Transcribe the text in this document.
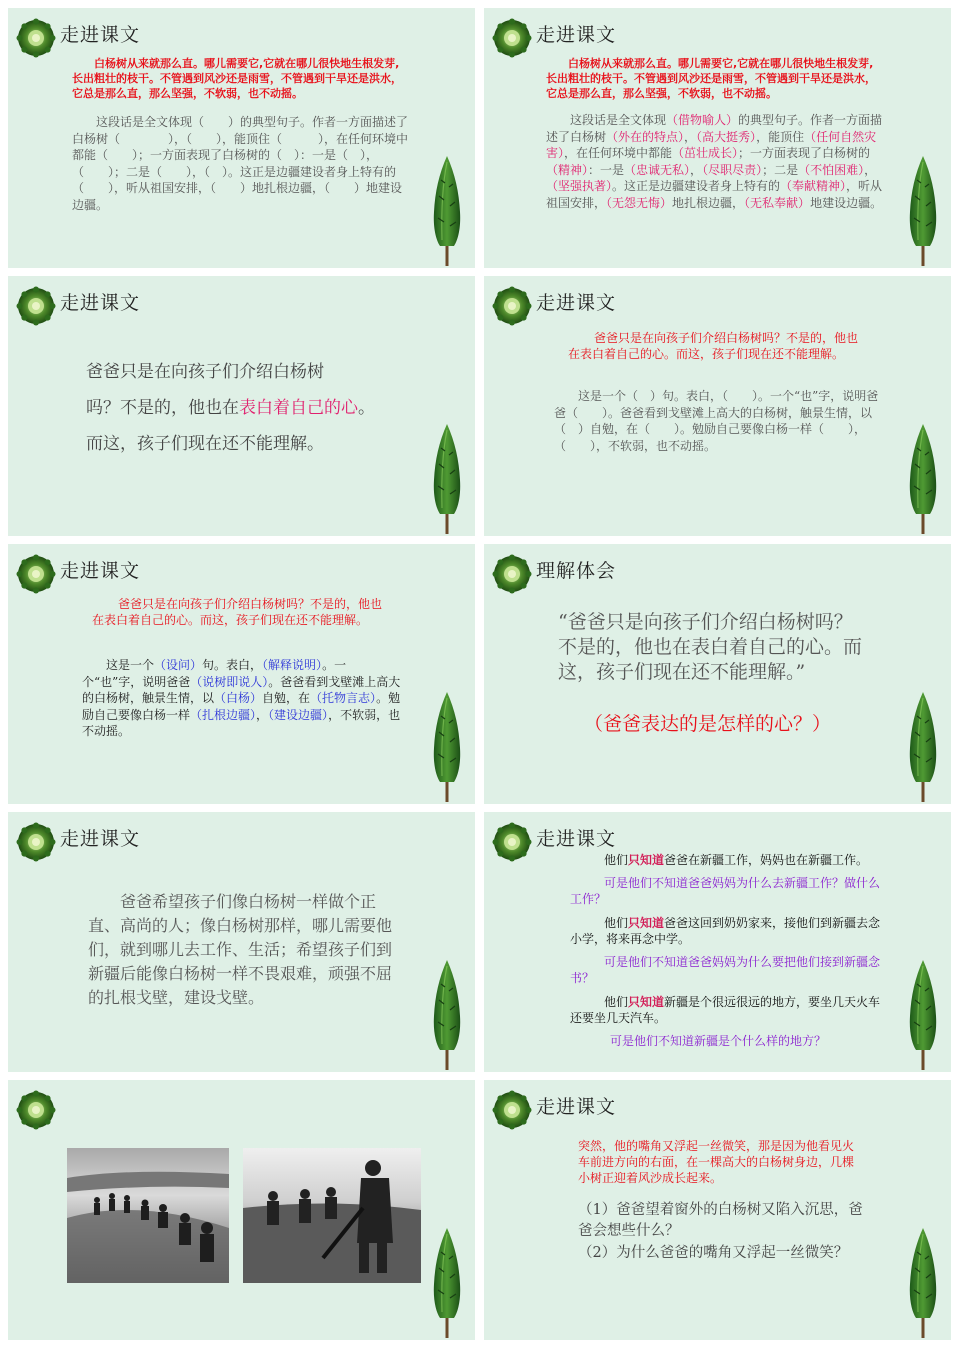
走进课文
白杨树从来就那么直。哪儿需要它,它就在哪儿很快地生根发芽,长出粗壮的枝干。不管遇到风沙还是雨雪，不管遇到干旱还是洪水，它总是那么直，那么坚强，不软弱，也不动摇。
这段话是全文体现（　　）的典型句子。作者一方面描述了白杨树（　　　　），（　　），能顶住（　　　），在任何环境中都能（　　）；一方面表现了白杨树的（　）：一是（　），（　　）；二是（　　），（　）。这正是边疆建设者身上特有的（　　），听从祖国安排，（　　）地扎根边疆，（　　）地建设边疆。
走进课文
白杨树从来就那么直。哪儿需要它,它就在哪儿很快地生根发芽,长出粗壮的枝干。不管遇到风沙还是雨雪，不管遇到干旱还是洪水，它总是那么直，那么坚强，不软弱，也不动摇。
这段话是全文体现（借物喻人）的典型句子。作者一方面描述了白杨树（外在的特点），（高大挺秀），能顶住（任何自然灾害），在任何环境中都能（茁壮成长）；一方面表现了白杨树的（精神）：一是（忠诚无私），（尽职尽责）；二是（不怕困难），（坚强执著）。这正是边疆建设者身上特有的（奉献精神），听从祖国安排，（无怨无悔）地扎根边疆，（无私奉献）地建设边疆。
走进课文
爸爸只是在向孩子们介绍白杨树
吗？不是的，他也在表白着自己的心。
而这，孩子们现在还不能理解。
走进课文
爸爸只是在向孩子们介绍白杨树吗？不是的，他也在表白着自己的心。而这，孩子们现在还不能理解。
这是一个（　）句。表白，（　　）。一个“也”字，说明爸爸（　　）。爸爸看到戈壁滩上高大的白杨树，触景生情，以（　）自勉，在（　　）。勉励自己要像白杨一样（　　），（　　），不软弱，也不动摇。
走进课文
爸爸只是在向孩子们介绍白杨树吗？不是的，他也在表白着自己的心。而这，孩子们现在还不能理解。
这是一个（设问）句。表白，（解释说明）。一个“也”字，说明爸爸（说树即说人）。爸爸看到戈壁滩上高大的白杨树，触景生情，以（白杨）自勉，在（托物言志）。勉励自己要像白杨一样（扎根边疆），（建设边疆），不软弱，也不动摇。
理解体会
“爸爸只是向孩子们介绍白杨树吗？不是的，他也在表白着自己的心。而这，孩子们现在还不能理解。”
（爸爸表达的是怎样的心？）
走进课文
爸爸希望孩子们像白杨树一样做个正直、高尚的人；像白杨树那样，哪儿需要他们，就到哪儿去工作、生活；希望孩子们到新疆后能像白杨树一样不畏艰难，顽强不屈的扎根戈壁，建设戈壁。
走进课文
他们只知道爸爸在新疆工作，妈妈也在新疆工作。
可是他们不知道爸爸妈妈为什么去新疆工作？做什么工作？
他们只知道爸爸这回到奶奶家来，接他们到新疆去念小学，将来再念中学。
可是他们不知道爸爸妈妈为什么要把他们接到新疆念书？
他们只知道新疆是个很远很远的地方，要坐几天火车还要坐几天汽车。
可是他们不知道新疆是个什么样的地方？
走进课文
突然，他的嘴角又浮起一丝微笑，那是因为他看见火车前进方向的右面，在一棵高大的白杨树身边，几棵小树正迎着风沙成长起来。
（1）爸爸望着窗外的白杨树又陷入沉思，爸爸会想些什么？
（2）为什么爸爸的嘴角又浮起一丝微笑？
